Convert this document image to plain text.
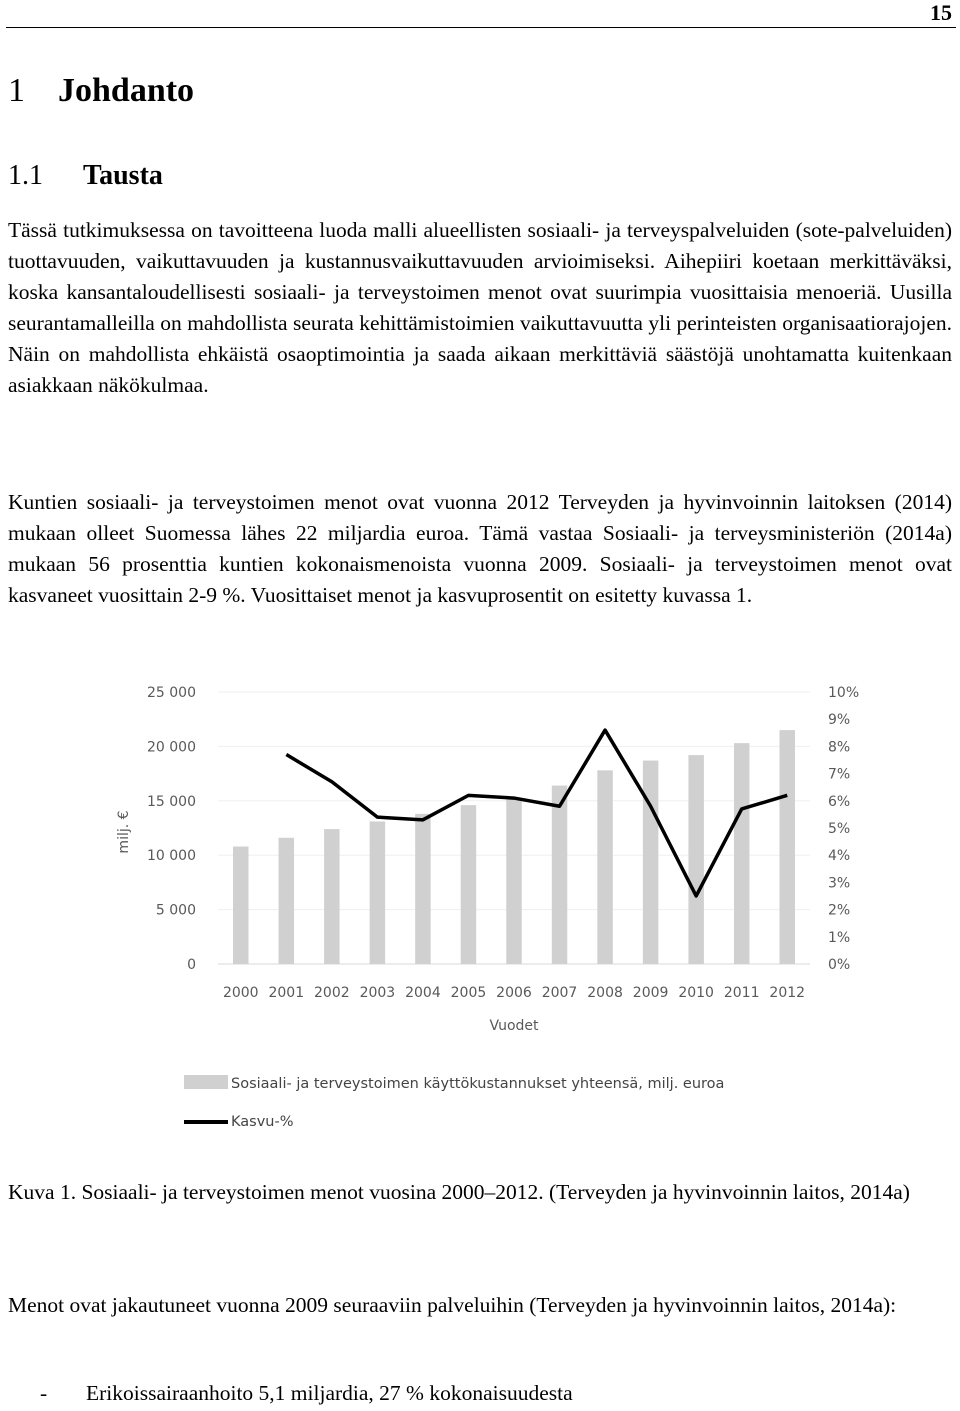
15
1 Johdanto
1.1 Tausta

Tässä tutkimuksessa on tavoitteena luoda malli alueellisten sosiaali- ja terveyspalveluiden (sote-palveluiden) tuottavuuden, vaikuttavuuden ja kustannusvaikuttavuuden arvioimiseksi. Aihepiiri koetaan merkittäväksi, koska kansantaloudellisesti sosiaali- ja terveystoimen menot ovat suurimpia vuosittaisia menoeriä. Uusilla seurantamalleilla on mahdollista seurata kehittämistoimien vaikuttavuutta yli perinteisten organisaatiorajojen. Näin on mahdollista ehkäistä osaoptimointia ja saada aikaan merkittäviä säästöjä unohtamatta kuitenkaan asiakkaan näkökulmaa.

Kuntien sosiaali- ja terveystoimen menot ovat vuonna 2012 Terveyden ja hyvinvoinnin laitoksen (2014) mukaan olleet Suomessa lähes 22 miljardia euroa. Tämä vastaa Sosiaali- ja terveysministeriön (2014a) mukaan 56 prosenttia kuntien kokonaismenoista vuonna 2009. Sosiaali- ja terveystoimen menot ovat kasvaneet vuosittain 2-9 %. Vuosittaiset menot ja kasvuprosentit on esitetty kuvassa 1.

0
5 000
10 000
15 000
20 000
25 000
0%
1%
2%
3%
4%
5%
6%
7%
8%
9%
10%
2000 2001 2002 2003 2004 2005 2006 2007 2008 2009 2010 2011 2012
milj. €
Vuodet
Sosiaali- ja terveystoimen käyttökustannukset yhteensä, milj. euroa
Kasvu-%

Kuva 1. Sosiaali- ja terveystoimen menot vuosina 2000–2012. (Terveyden ja hyvinvoinnin laitos, 2014a)

Menot ovat jakautuneet vuonna 2009 seuraaviin palveluihin (Terveyden ja hyvinvoinnin laitos, 2014a):

- Erikoissairaanhoito 5,1 miljardia, 27 % kokonaisuudesta
